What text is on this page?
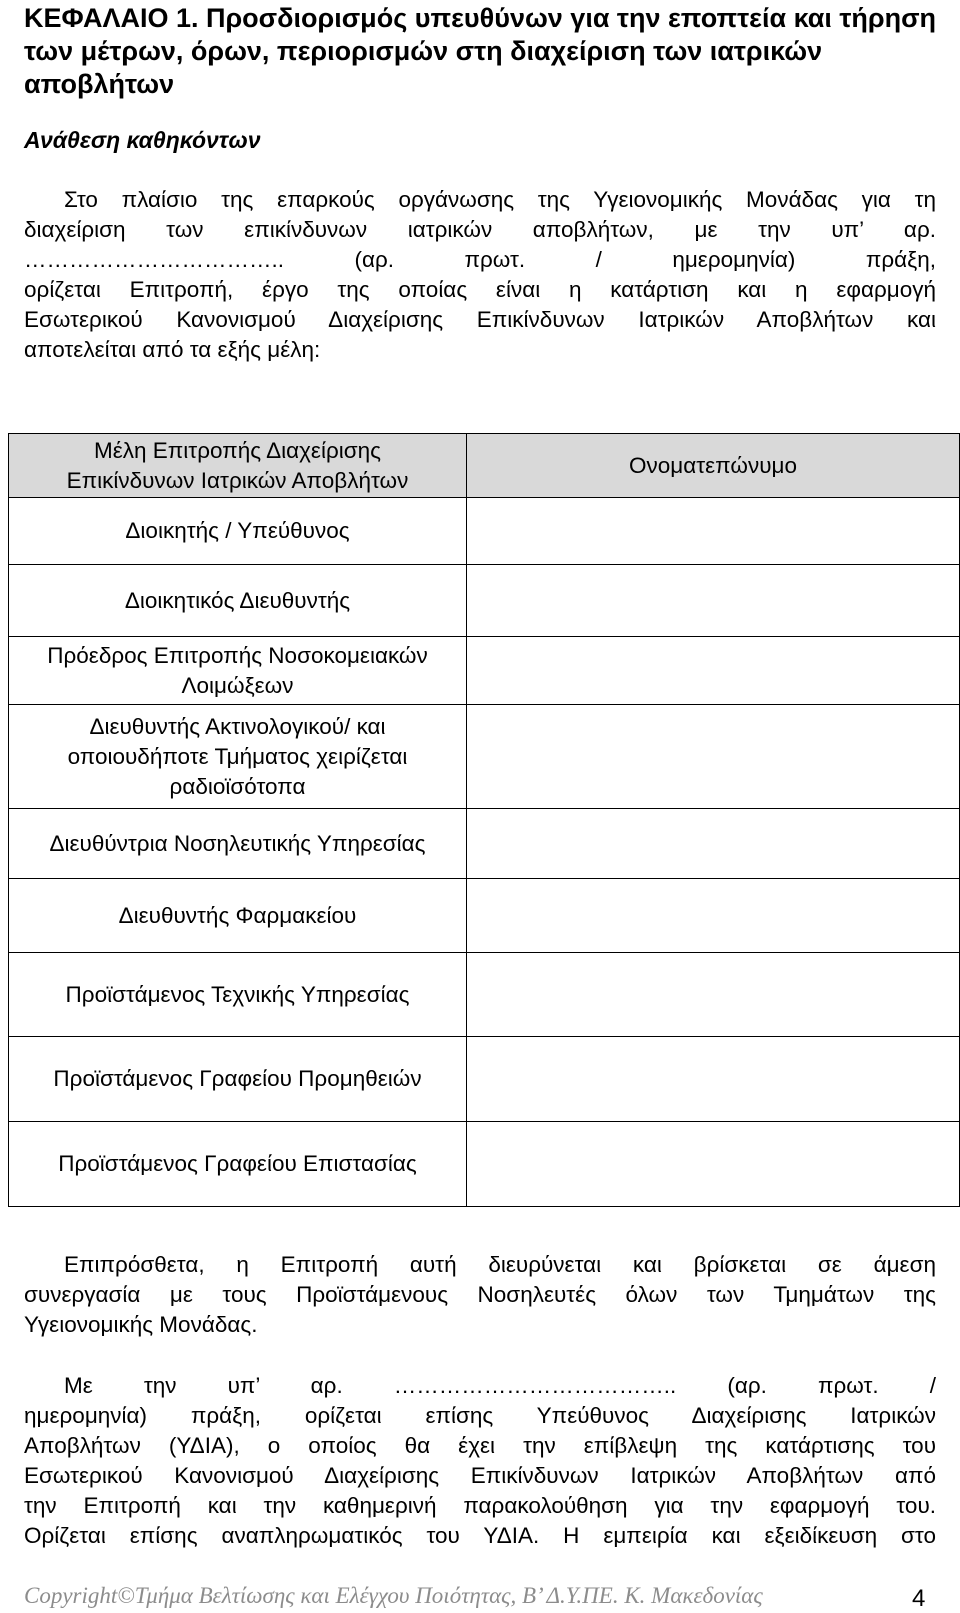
ΚΕΦΑΛΑΙΟ 1. Προσδιορισμός υπευθύνων για την εποπτεία και τήρηση των μέτρων, όρων, περιορισμών στη διαχείριση των ιατρικών αποβλήτων
Ανάθεση καθηκόντων
Στο πλαίσιο της επαρκούς οργάνωσης της Υγειονομικής Μονάδας για τη
διαχείριση των επικίνδυνων ιατρικών αποβλήτων, με την υπ’ αρ.
…………………………….. (αρ. πρωτ. / ημερομηνία) πράξη,
ορίζεται Επιτροπή, έργο της οποίας είναι η κατάρτιση και η εφαρμογή
Εσωτερικού Κανονισμού Διαχείρισης Επικίνδυνων Ιατρικών Αποβλήτων και
αποτελείται από τα εξής μέλη:
Μέλη Επιτροπής Διαχείρισης
Επικίνδυνων Ιατρικών Αποβλήτων	Ονοματεπώνυμο

Διοικητής / Υπεύθυνος	

Διοικητικός Διευθυντής	

Πρόεδρος Επιτροπής Νοσοκομειακών
Λοιμώξεων	

Διευθυντής Ακτινολογικού/ και
οποιουδήποτε Τμήματος χειρίζεται
ραδιοϊσότοπα	

Διευθύντρια Νοσηλευτικής Υπηρεσίας	

Διευθυντής Φαρμακείου	

Προϊστάμενος Τεχνικής Υπηρεσίας	

Προϊστάμενος Γραφείου Προμηθειών	

Προϊστάμενος Γραφείου Επιστασίας	

Επιπρόσθετα, η Επιτροπή αυτή διευρύνεται και βρίσκεται σε άμεση
συνεργασία με τους Προϊστάμενους Νοσηλευτές όλων των Τμημάτων της
Υγειονομικής Μονάδας.
Με την υπ’ αρ. ……………………………….. (αρ. πρωτ. /
ημερομηνία) πράξη, ορίζεται επίσης Υπεύθυνος Διαχείρισης Ιατρικών
Αποβλήτων (ΥΔΙΑ), ο οποίος θα έχει την επίβλεψη της κατάρτισης του
Εσωτερικού Κανονισμού Διαχείρισης Επικίνδυνων Ιατρικών Αποβλήτων από
την Επιτροπή και την καθημερινή παρακολούθηση για την εφαρμογή του.
Ορίζεται επίσης αναπληρωματικός του ΥΔΙΑ. Η εμπειρία και εξειδίκευση στο
Copyright©Τμήμα Βελτίωσης και Ελέγχου Ποιότητας, Β’ Δ.Υ.ΠΕ. Κ. Μακεδονίας	4
